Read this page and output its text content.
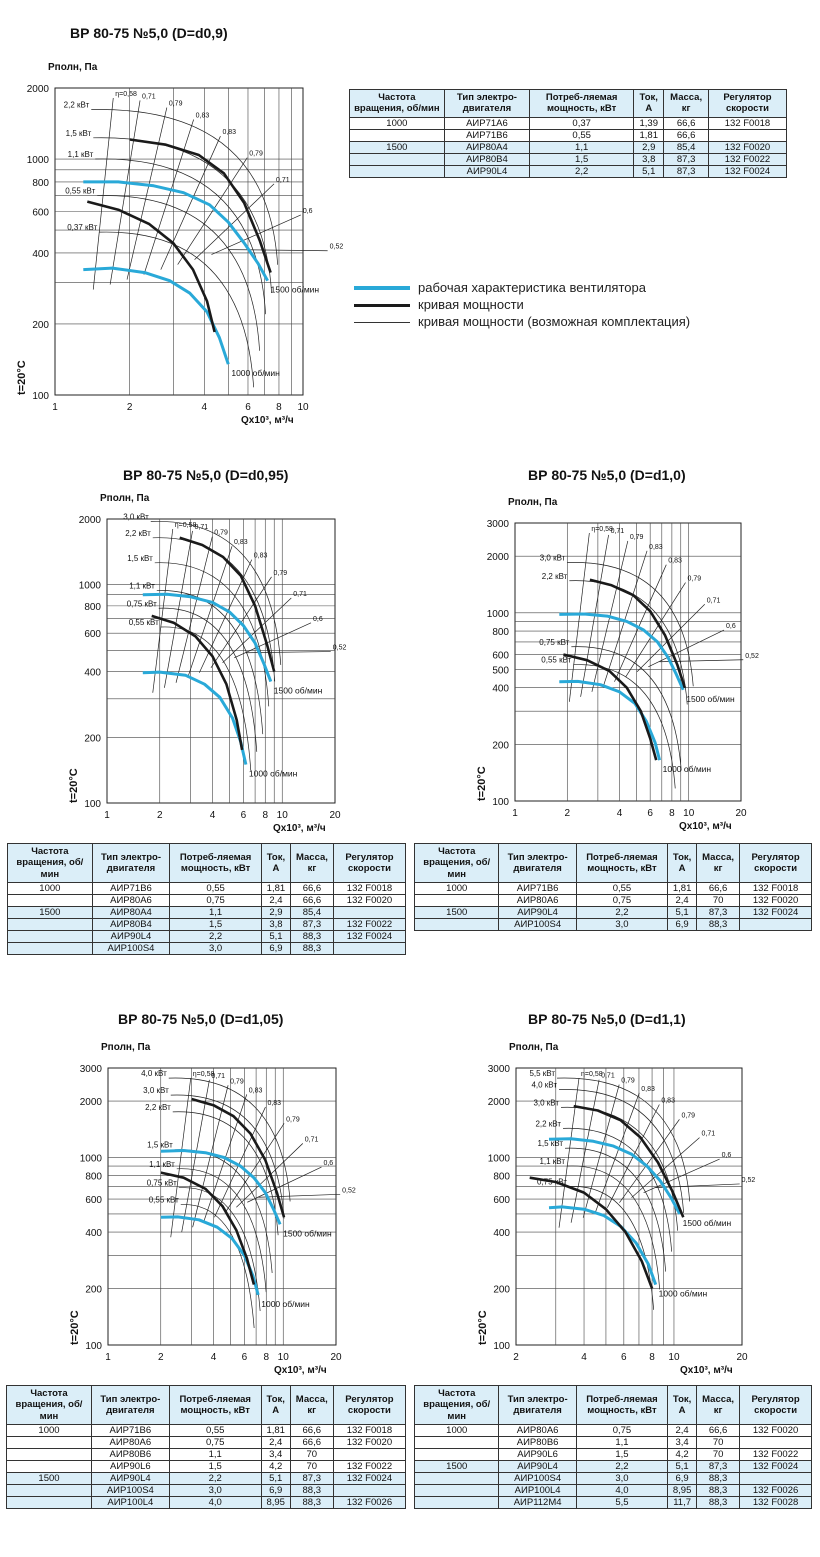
ВР 80-75 №5,0 (D=d0,9)
ВР 80-75 №5,0 (D=d0,95)	ВР 80-75 №5,0 (D=d1,0)
ВР 80-75 №5,0 (D=d1,05)	ВР 80-75 №5,0 (D=d1,1)
1	2	4	6	8 10
100
200
400
600
800
1000
2000
Pполн, Па
Qx10³, м³/ч
t=20°C
η=0,58 0,71
0,79
0,83
0,83
0,79
0,71
0,6
0,52
2,2 кВт
1,5 кВт
1,1 кВт
0,55 кВт
0,37 кВт
1500 об/мин
1000 об/мин
1	2	4	6 8 10	20
100
200
400
600
800
1000
2000
Pполн, Па
Qx10³, м³/ч
t=20°C
η=0,58
0,71
0,79
0,83
0,83
0,79
0,71
0,6
0,52
3,0 кВт
2,2 кВт
1,5 кВт
1,1 кВт
0,75 кВт
0,55 кВт
1500 об/мин
1000 об/мин
1	2	4	6 8 10	20
100
200
400
500
600
800
1000
2000
3000
Pполн, Па
Qx10³, м³/ч
t=20°C
η=0,58
0,71
0,79
0,83
0,83
0,79
0,71
0,6
0,52
3,0 кВт
2,2 кВт
0,75 кВт
0,55 кВт
1500 об/мин
1000 об/мин
1	2	4	6 8 10	20
100
200
400
600
800
1000
2000
3000
Pполн, Па
Qx10³, м³/ч
t=20°C
η=0,58
0,71
0,79
0,83
0,83
0,79
0,71
0,6
0,52
4,0 кВт
3,0 кВт
2,2 кВт
1,5 кВт
1,1 кВт
0,75 кВт
0,55 кВт
1500 об/мин
1000 об/мин
2	4	6 8 10	20
100
200
400
600
800
1000
2000
3000
Pполн, Па
Qx10³, м³/ч
t=20°C
η=0,58
0,71
0,79
0,83
0,83
0,79
0,71
0,6
0,52
5,5 кВт
4,0 кВт
3,0 кВт
2,2 кВт
1,5 кВт
1,1 кВт
0,75 кВт
1500 об/мин
1000 об/мин
рабочая характеристика вентилятора
кривая мощности
кривая мощности (возможная комплектация)
Частота вращения, об/мин	Тип электро-двигателя	Потреб-ляемая мощность, кВт	Ток, А	Масса, кг	Регулятор скорости
1000	АИР71А6	0,37	1,39	66,6	132 F0018
	АИР71В6	0,55	1,81	66,6	
1500	АИР80А4	1,1	2,9	85,4	132 F0020
	АИР80В4	1,5	3,8	87,3	132 F0022
	АИР90L4	2,2	5,1	87,3	132 F0024
Частота вращения, об/мин	Тип электро-двигателя	Потреб-ляемая мощность, кВт	Ток, А	Масса, кг	Регулятор скорости
1000	АИР71В6	0,55	1,81	66,6	132 F0018
	АИР80А6	0,75	2,4	66,6	132 F0020
1500	АИР80А4	1,1	2,9	85,4	
	АИР80В4	1,5	3,8	87,3	132 F0022
	АИР90L4	2,2	5,1	88,3	132 F0024
	АИР100S4	3,0	6,9	88,3	
Частота вращения, об/мин	Тип электро-двигателя	Потреб-ляемая мощность, кВт	Ток, А	Масса, кг	Регулятор скорости
1000	АИР71В6	0,55	1,81	66,6	132 F0018
	АИР80А6	0,75	2,4	70	132 F0020
1500	АИР90L4	2,2	5,1	87,3	132 F0024
	АИР100S4	3,0	6,9	88,3	
Частота вращения, об/мин	Тип электро-двигателя	Потреб-ляемая мощность, кВт	Ток, А	Масса, кг	Регулятор скорости
1000	АИР71В6	0,55	1,81	66,6	132 F0018
	АИР80А6	0,75	2,4	66,6	132 F0020
	АИР80В6	1,1	3,4	70	
	АИР90L6	1,5	4,2	70	132 F0022
1500	АИР90L4	2,2	5,1	87,3	132 F0024
	АИР100S4	3,0	6,9	88,3	
	АИР100L4	4,0	8,95	88,3	132 F0026
Частота вращения, об/мин	Тип электро-двигателя	Потреб-ляемая мощность, кВт	Ток, А	Масса, кг	Регулятор скорости
1000	АИР80А6	0,75	2,4	66,6	132 F0020
	АИР80В6	1,1	3,4	70	
	АИР90L6	1,5	4,2	70	132 F0022
1500	АИР90L4	2,2	5,1	87,3	132 F0024
	АИР100S4	3,0	6,9	88,3	
	АИР100L4	4,0	8,95	88,3	132 F0026
	АИР112М4	5,5	11,7	88,3	132 F0028
